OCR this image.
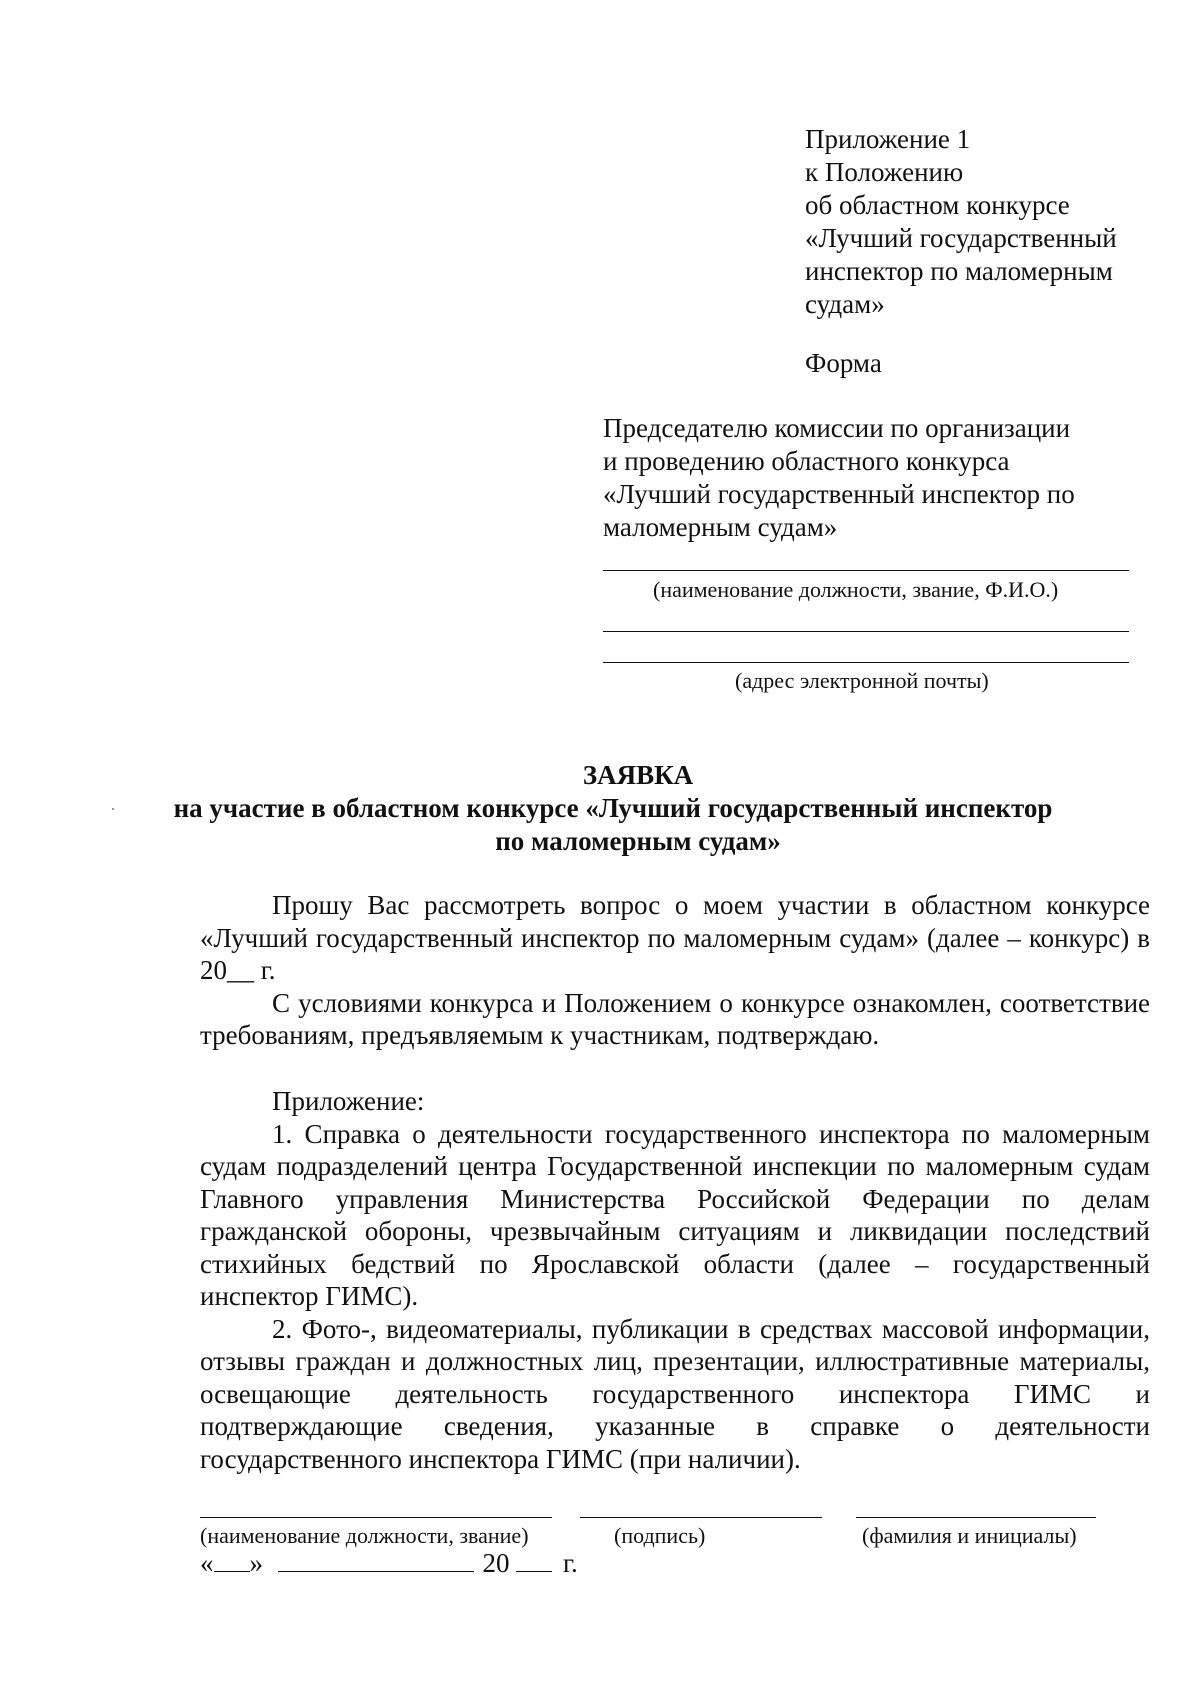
Приложение 1
к Положению
об областном конкурсе
«Лучший государственный
инспектор по маломерным
судам»
Форма
Председателю комиссии по организации
и проведению областного конкурса
«Лучший государственный инспектор по
маломерным судам»
(наименование должности, звание, Ф.И.О.)
(адрес электронной почты)
ЗАЯВКА
на участие в областном конкурсе «Лучший государственный инспектор
по маломерным судам»

Прошу Вас рассмотреть вопрос о моем участии в областном конкурсе «Лучший государственный инспектор по маломерным судам» (далее – конкурс) в 20__ г.

С условиями конкурса и Положением о конкурсе ознакомлен, соответствие требованиям, предъявляемым к участникам, подтверждаю.

Приложение:

1. Справка о деятельности государственного инспектора по маломерным судам подразделений центра Государственной инспекции по маломерным судам Главного управления Министерства Российской Федерации по делам гражданской обороны, чрезвычайным ситуациям и ликвидации последствий стихийных бедствий по Ярославской области (далее – государственный инспектор ГИМС).

2. Фото-, видеоматериалы, публикации в средствах массовой информации, отзывы граждан и должностных лиц, презентации, иллюстративные материалы, освещающие деятельность государственного инспектора ГИМС и подтверждающие сведения, указанные в справке о деятельности государственного инспектора ГИМС (при наличии).

(наименование должности, звание)	(подпись)	(фамилия и инициалы)
« »	20 г.
